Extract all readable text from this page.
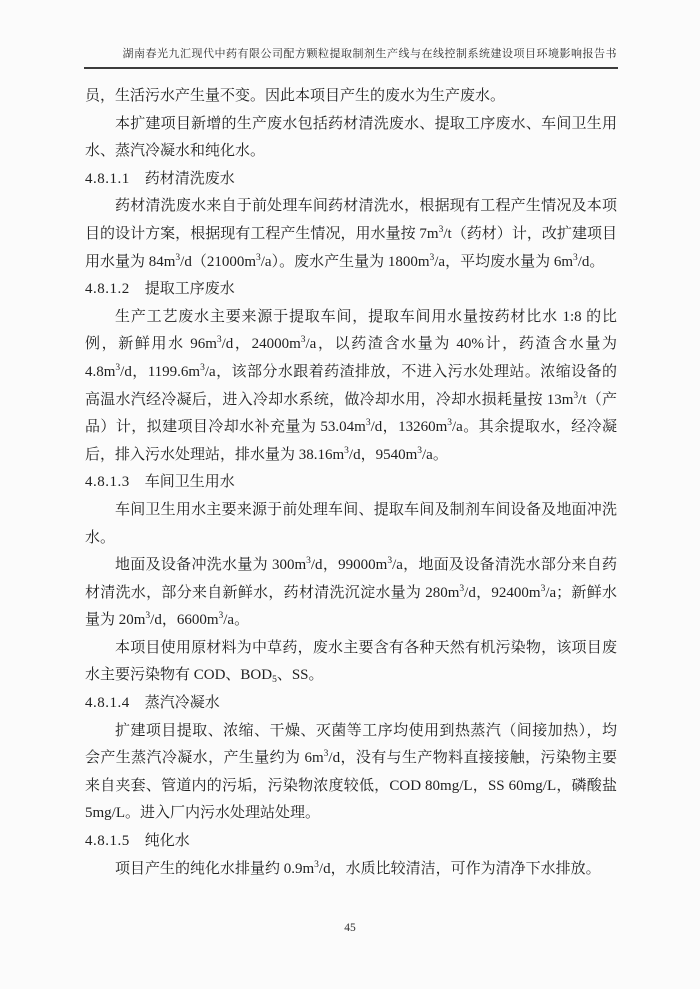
湖南春光九汇现代中药有限公司配方颗粒提取制剂生产线与在线控制系统建设项目环境影响报告书
员，生活污水产生量不变。因此本项目产生的废水为生产废水。
本扩建项目新增的生产废水包括药材清洗废水、提取工序废水、车间卫生用水、蒸汽冷凝水和纯化水。
4.8.1.1 药材清洗废水
药材清洗废水来自于前处理车间药材清洗水，根据现有工程产生情况及本项目的设计方案，根据现有工程产生情况，用水量按 $7m^3/t$（药材）计，改扩建项目用水量为 $84m^3/d(21000m^3/a)$。废水产生量为 $1800m^3/a$，平均废水量为 $6m^3/d$。
4.8.1.2 提取工序废水
生产工艺废水主要来源于提取车间，提取车间用水量按药材比水 1:8 的比例，新鲜用水 $96m^3/d$，$24000m^3/a$，以药渣含水量为 40%计，药渣含水量为 $4.8m^3/d$，$1199.6m^3/a$，该部分水跟着药渣排放，不进入污水处理站。浓缩设备的高温水汽经冷凝后，进入冷却水系统，做冷却水用，冷却水损耗量按 $13m^3/t$（产品）计，拟建项目冷却水补充量为 $53.04m^3/d$，$13260m^3/a$。其余提取水，经冷凝后，排入污水处理站，排水量为 $38.16m^3/d$，$9540m^3/a$。
4.8.1.3 车间卫生用水
车间卫生用水主要来源于前处理车间、提取车间及制剂车间设备及地面冲洗水。
地面及设备冲洗水量为 $300m^3/d$，$99000m^3/a$，地面及设备清洗水部分来自药材清洗水，部分来自新鲜水，药材清洗沉淀水量为 $280m^3/d$，$92400m^3/a$；新鲜水量为 $20m^3/d$，$6600m^3/a$。
本项目使用原材料为中草药，废水主要含有各种天然有机污染物，该项目废水主要污染物有 COD、$BOD_5$、SS。
4.8.1.4 蒸汽冷凝水
扩建项目提取、浓缩、干燥、灭菌等工序均使用到热蒸汽（间接加热），均会产生蒸汽冷凝水，产生量约为 $6m^3/d$，没有与生产物料直接接触，污染物主要来自夹套、管道内的污垢，污染物浓度较低，COD 80mg/L，SS 60mg/L，磷酸盐 5mg/L。进入厂内污水处理站处理。
4.8.1.5 纯化水
项目产生的纯化水排量约 $0.9m^3/d$，水质比较清洁，可作为清净下水排放。
45
